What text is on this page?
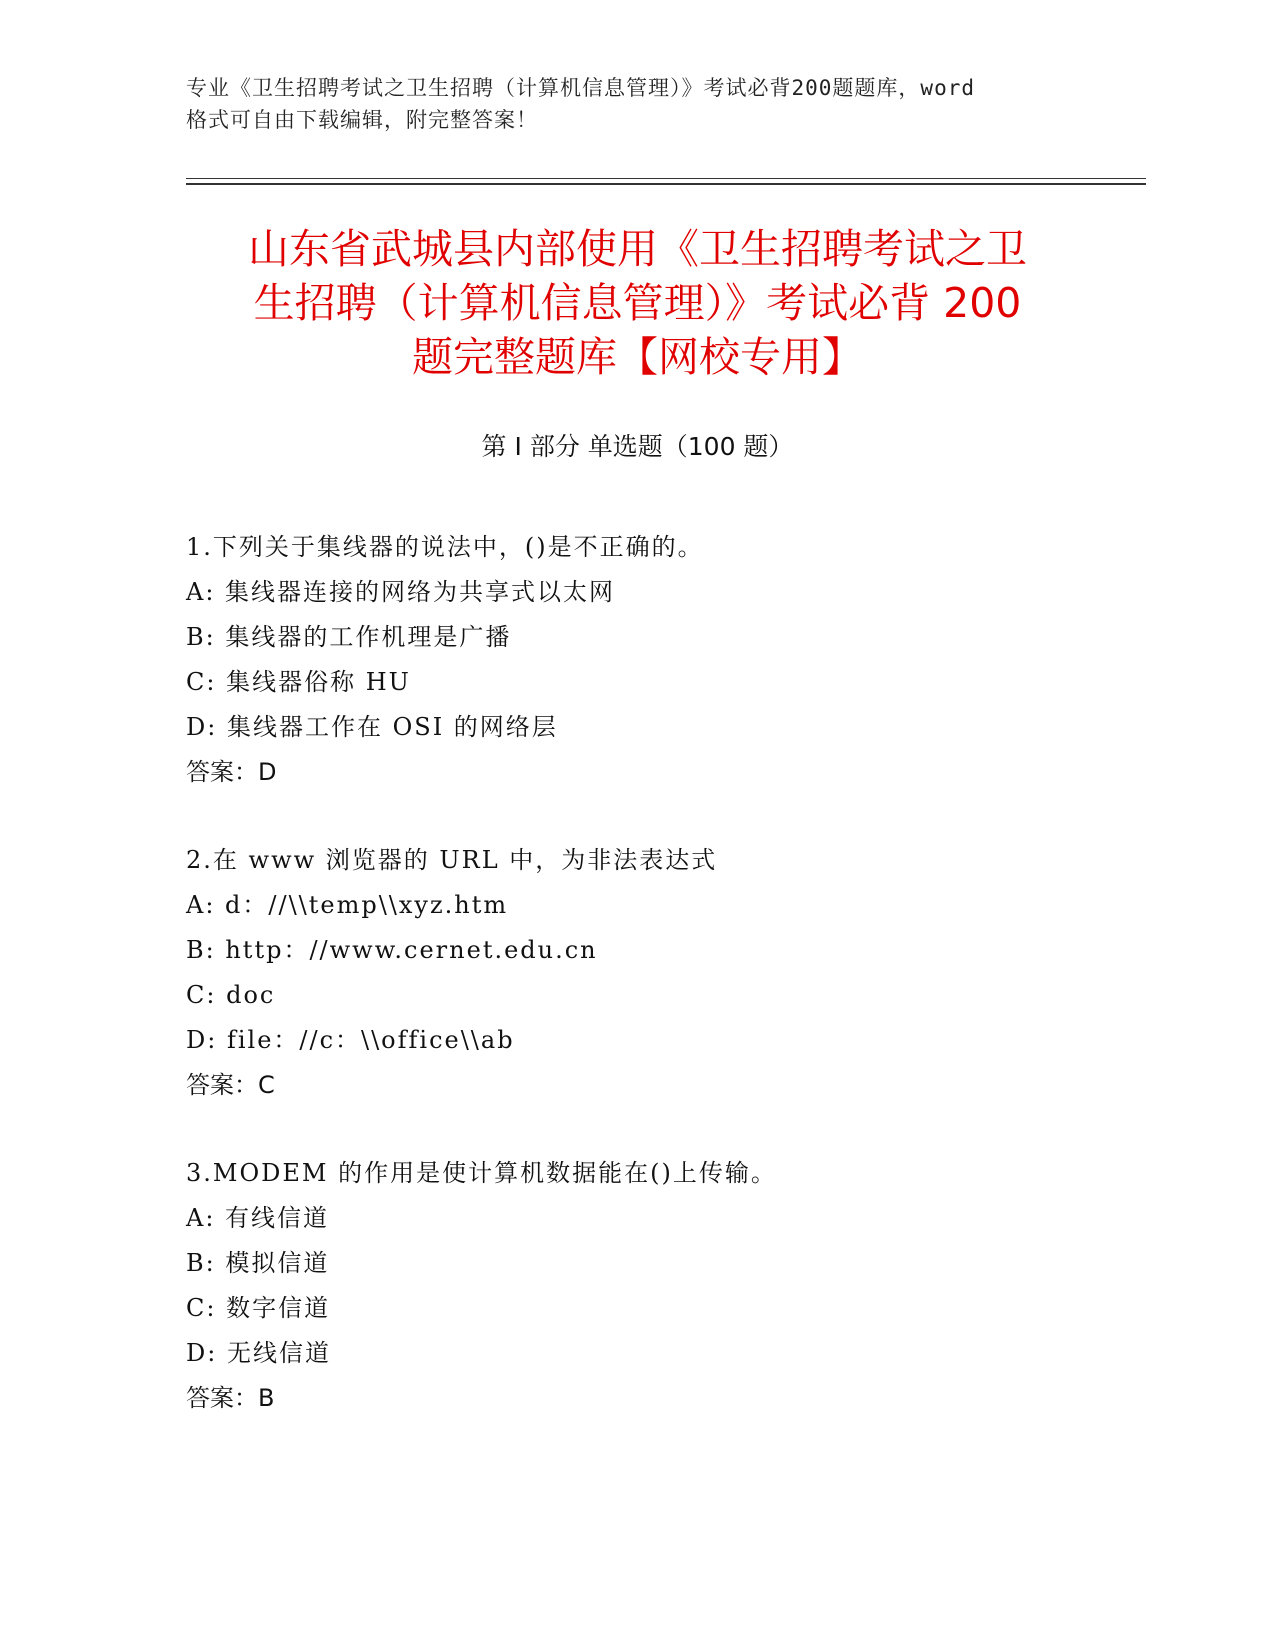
专业《卫生招聘考试之卫生招聘（计算机信息管理）》考试必背200题题库，word
格式可自由下载编辑，附完整答案！
山东省武城县内部使用《卫生招聘考试之卫
生招聘（计算机信息管理）》考试必背 200
题完整题库【网校专用】
第 I 部分 单选题（100 题）
1.下列关于集线器的说法中，()是不正确的。
A: 集线器连接的网络为共享式以太网
B: 集线器的工作机理是广播
C: 集线器俗称 HU
D: 集线器工作在 OSI 的网络层
答案：D
2.在 www 浏览器的 URL 中，为非法表达式
A: d：//\\temp\\xyz.htm
B: http：//www.cernet.edu.cn
C: doc
D: file：//c：\\office\\ab
答案：C
3.MODEM 的作用是使计算机数据能在()上传输。
A: 有线信道
B: 模拟信道
C: 数字信道
D: 无线信道
答案：B
